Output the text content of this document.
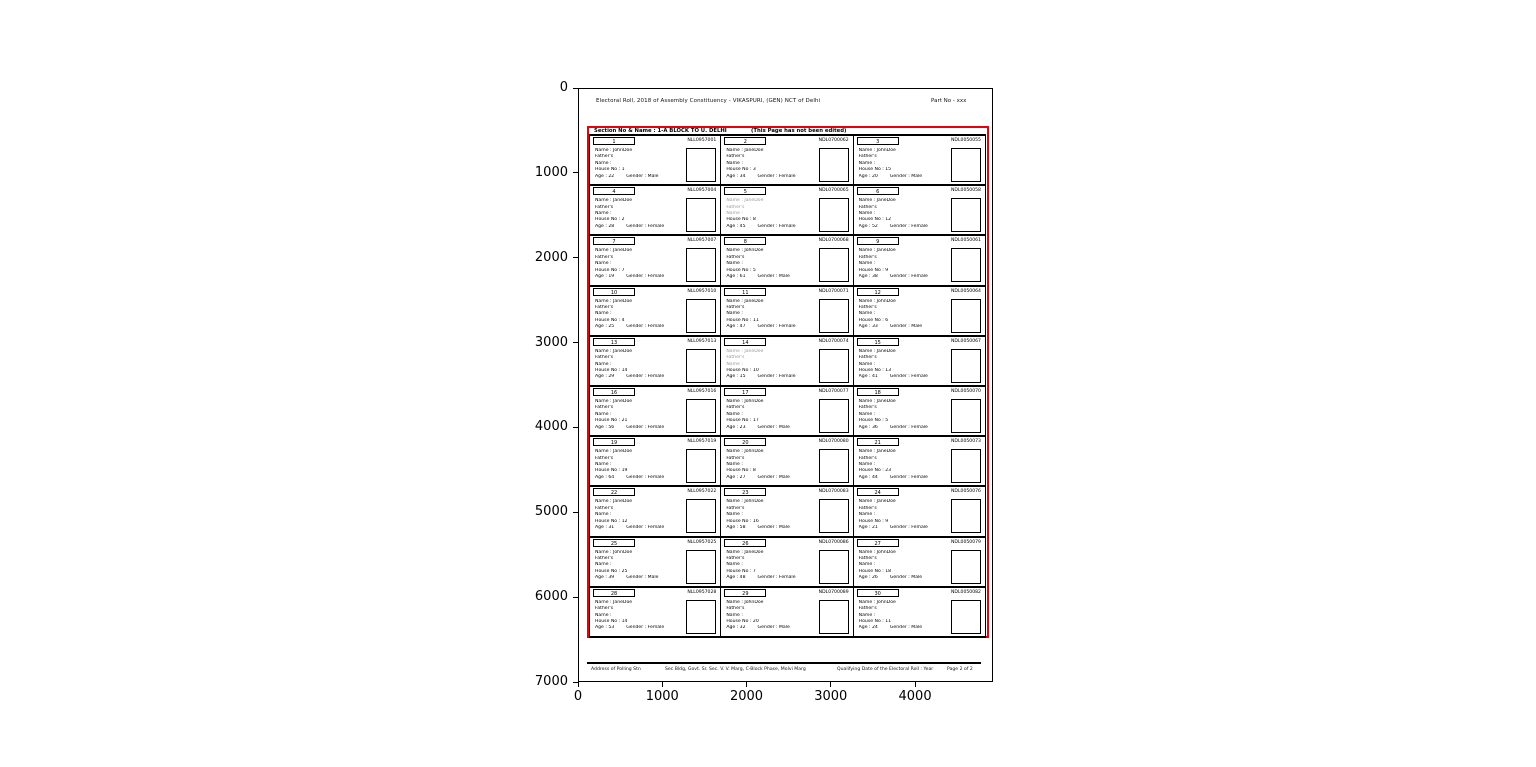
Electoral Roll, 2018 of Assembly Constituency - VIKASPURI, (GEN) NCT of Delhi	Part No - xxx
Section No & Name : 1-A BLOCK TO U. DELHI	(This Page has not been edited)
1	NLL0957001
Name : JohnDoe
Father's
Name :
House No : 1
Age : 22	Gender : Male
2	NDL0700062
Name : JaneDoe
Father's
Name :
House No : 3
Age : 34	Gender : Female
3	NDL0050055
Name : JohnDoe
Father's
Name :
House No : 15
Age : 20	Gender : Male
4	NLL0957004
Name : JaneDoe
Father's
Name :
House No : 2
Age : 28	Gender : Female
5	NDL0700065
Name : JaneDoe
Father's
Name :
House No : 8
Age : 45	Gender : Female
6	NDL0050058
Name : JaneDoe
Father's
Name :
House No : 12
Age : 52	Gender : Female
7	NLL0957007
Name : JaneDoe
Father's
Name :
House No : 7
Age : 19	Gender : Female
8	NDL0700068
Name : JohnDoe
Father's
Name :
House No : 5
Age : 61	Gender : Male
9	NDL0050061
Name : JaneDoe
Father's
Name :
House No : 9
Age : 38	Gender : Female
10	NLL0957010
Name : JaneDoe
Father's
Name :
House No : 4
Age : 25	Gender : Female
11	NDL0700071
Name : JaneDoe
Father's
Name :
House No : 11
Age : 47	Gender : Female
12	NDL0050064
Name : JohnDoe
Father's
Name :
House No : 6
Age : 33	Gender : Male
13	NLL0957013
Name : JaneDoe
Father's
Name :
House No : 14
Age : 29	Gender : Female
14	NDL0700074
Name : JaneDoe
Father's
Name :
House No : 10
Age : 15	Gender : Female
15	NDL0050067
Name : JaneDoe
Father's
Name :
House No : 13
Age : 41	Gender : Female
16	NLL0957016
Name : JaneDoe
Father's
Name :
House No : 21
Age : 56	Gender : Female
17	NDL0700077
Name : JohnDoe
Father's
Name :
House No : 17
Age : 23	Gender : Male
18	NDL0050070
Name : JaneDoe
Father's
Name :
House No : 5
Age : 36	Gender : Female
19	NLL0957019
Name : JaneDoe
Father's
Name :
House No : 19
Age : 64	Gender : Female
20	NDL0700080
Name : JohnDoe
Father's
Name :
House No : 8
Age : 27	Gender : Male
21	NDL0050073
Name : JaneDoe
Father's
Name :
House No : 23
Age : 44	Gender : Female
22	NLL0957022
Name : JaneDoe
Father's
Name :
House No : 12
Age : 31	Gender : Female
23	NDL0700083
Name : JohnDoe
Father's
Name :
House No : 16
Age : 58	Gender : Male
24	NDL0050076
Name : JaneDoe
Father's
Name :
House No : 9
Age : 21	Gender : Female
25	NLL0957025
Name : JohnDoe
Father's
Name :
House No : 25
Age : 39	Gender : Male
26	NDL0700086
Name : JaneDoe
Father's
Name :
House No : 7
Age : 48	Gender : Female
27	NDL0050079
Name : JohnDoe
Father's
Name :
House No : 18
Age : 26	Gender : Male
28	NLL0957028
Name : JaneDoe
Father's
Name :
House No : 14
Age : 53	Gender : Female
29	NDL0700089
Name : JohnDoe
Father's
Name :
House No : 20
Age : 32	Gender : Male
30	NDL0050082
Name : JohnDoe
Father's
Name :
House No : 11
Age : 24	Gender : Male
Address of Polling Stn	Sec Bldg, Govt. Sr. Sec. V. V. Marg, C-Block Phase, Molvi Marg	Qualifying Date of the Electoral Roll : Year	Page 2 of 2
0
1000
2000
3000
4000
5000
6000
7000
0	1000	2000	3000	4000
